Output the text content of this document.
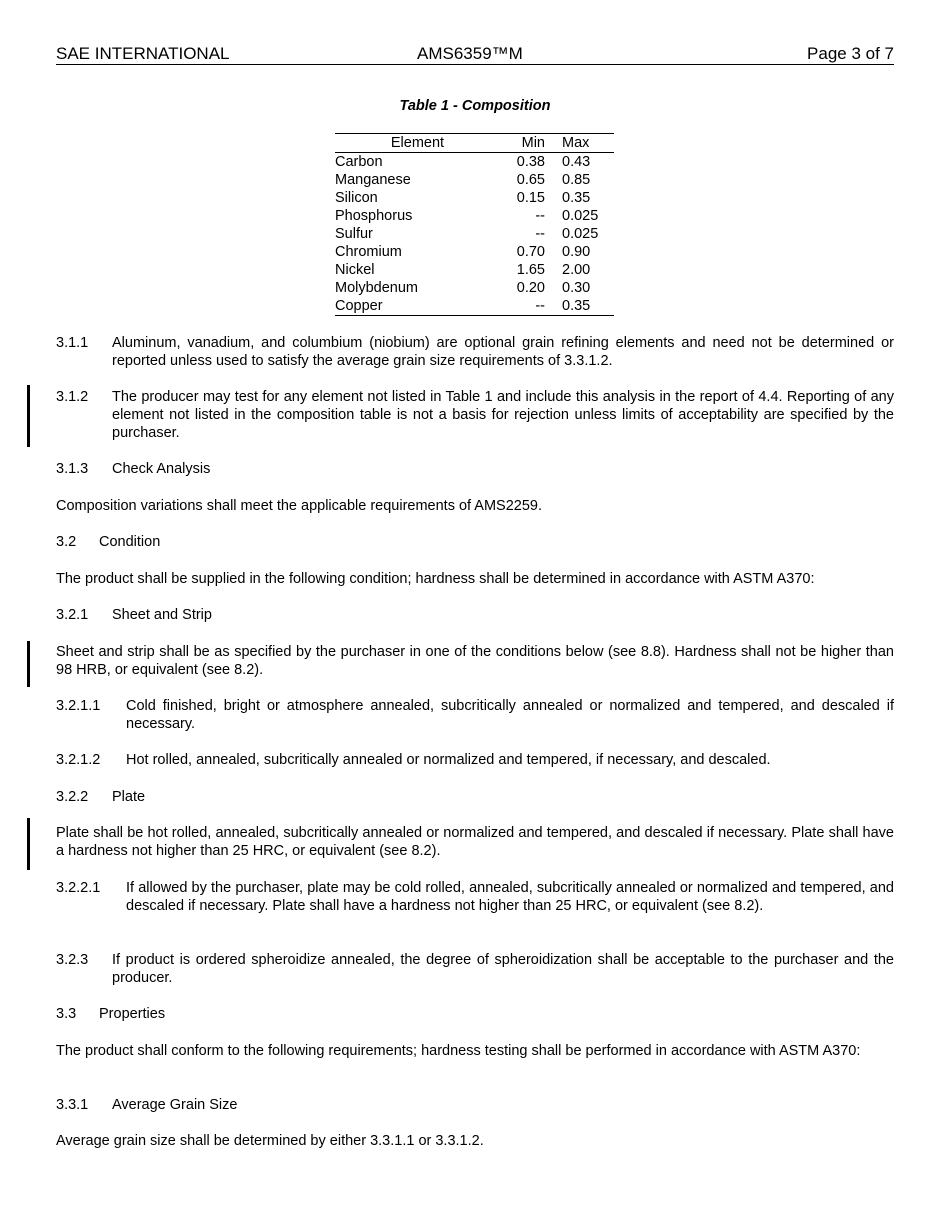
SAE INTERNATIONAL	AMS6359™M	Page 3 of 7
Table 1 - Composition
Element	Min	Max
Carbon	0.38	0.43
Manganese	0.65	0.85
Silicon	0.15	0.35
Phosphorus	--	0.025
Sulfur	--	0.025
Chromium	0.70	0.90
Nickel	1.65	2.00
Molybdenum	0.20	0.30
Copper	--	0.35
3.1.1 Aluminum, vanadium, and columbium (niobium) are optional grain refining elements and need not be determined or reported unless used to satisfy the average grain size requirements of 3.3.1.2.
3.1.2 The producer may test for any element not listed in Table 1 and include this analysis in the report of 4.4. Reporting of any element not listed in the composition table is not a basis for rejection unless limits of acceptability are specified by the purchaser.
3.1.3 Check Analysis
Composition variations shall meet the applicable requirements of AMS2259.
3.2 Condition
The product shall be supplied in the following condition; hardness shall be determined in accordance with ASTM A370:
3.2.1 Sheet and Strip
Sheet and strip shall be as specified by the purchaser in one of the conditions below (see 8.8). Hardness shall not be higher than 98 HRB, or equivalent (see 8.2).
3.2.1.1 Cold finished, bright or atmosphere annealed, subcritically annealed or normalized and tempered, and descaled if necessary.
3.2.1.2 Hot rolled, annealed, subcritically annealed or normalized and tempered, if necessary, and descaled.
3.2.2 Plate
Plate shall be hot rolled, annealed, subcritically annealed or normalized and tempered, and descaled if necessary. Plate shall have a hardness not higher than 25 HRC, or equivalent (see 8.2).
3.2.2.1 If allowed by the purchaser, plate may be cold rolled, annealed, subcritically annealed or normalized and tempered, and descaled if necessary. Plate shall have a hardness not higher than 25 HRC, or equivalent (see 8.2).
3.2.3 If product is ordered spheroidize annealed, the degree of spheroidization shall be acceptable to the purchaser and the producer.
3.3 Properties
The product shall conform to the following requirements; hardness testing shall be performed in accordance with ASTM A370:
3.3.1 Average Grain Size
Average grain size shall be determined by either 3.3.1.1 or 3.3.1.2.
